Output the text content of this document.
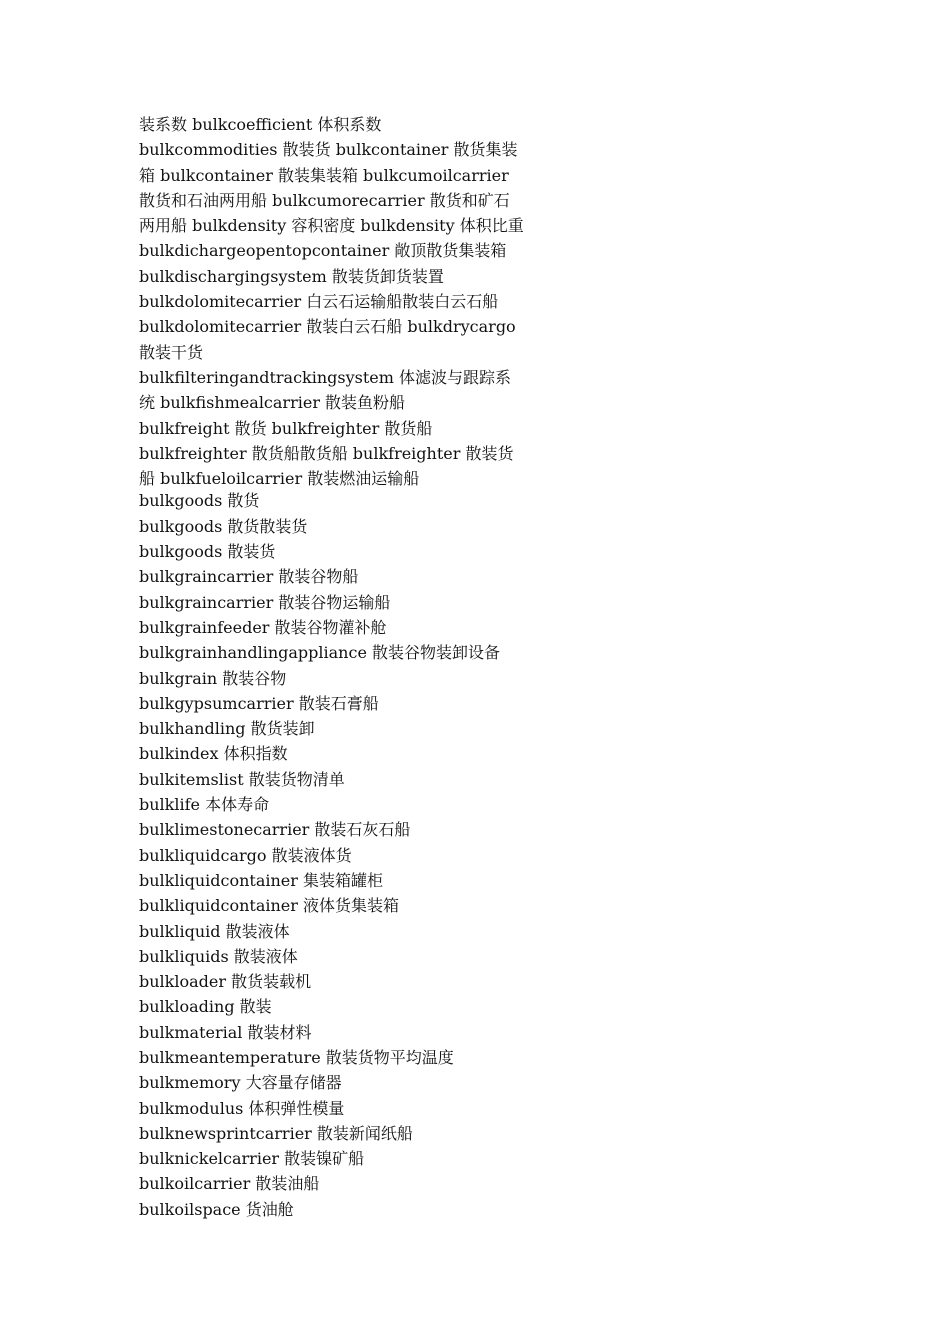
装系数 bulkcoefficient 体积系数
bulkcommodities 散装货 bulkcontainer 散货集装
箱 bulkcontainer 散装集装箱 bulkcumoilcarrier
散货和石油两用船 bulkcumorecarrier 散货和矿石
两用船 bulkdensity 容积密度 bulkdensity 体积比重
bulkdichargeopentopcontainer 敞顶散货集装箱
bulkdischargingsystem 散装货卸货装置
bulkdolomitecarrier 白云石运输船散装白云石船
bulkdolomitecarrier 散装白云石船 bulkdrycargo
散装干货
bulkfilteringandtrackingsystem 体滤波与跟踪系
统 bulkfishmealcarrier 散装鱼粉船
bulkfreight 散货 bulkfreighter 散货船
bulkfreighter 散货船散货船 bulkfreighter 散装货
船 bulkfueloilcarrier 散装燃油运输船
bulkgoods 散货
bulkgoods 散货散装货
bulkgoods 散装货
bulkgraincarrier 散装谷物船
bulkgraincarrier 散装谷物运输船
bulkgrainfeeder 散装谷物灌补舱
bulkgrainhandlingappliance 散装谷物装卸设备
bulkgrain 散装谷物
bulkgypsumcarrier 散装石膏船
bulkhandling 散货装卸
bulkindex 体积指数
bulkitemslist 散装货物清单
bulklife 本体寿命
bulklimestonecarrier 散装石灰石船
bulkliquidcargo 散装液体货
bulkliquidcontainer 集装箱罐柜
bulkliquidcontainer 液体货集装箱
bulkliquid 散装液体
bulkliquids 散装液体
bulkloader 散货装载机
bulkloading 散装
bulkmaterial 散装材料
bulkmeantemperature 散装货物平均温度
bulkmemory 大容量存储器
bulkmodulus 体积弹性模量
bulknewsprintcarrier 散装新闻纸船
bulknickelcarrier 散装镍矿船
bulkoilcarrier 散装油船
bulkoilspace 货油舱
